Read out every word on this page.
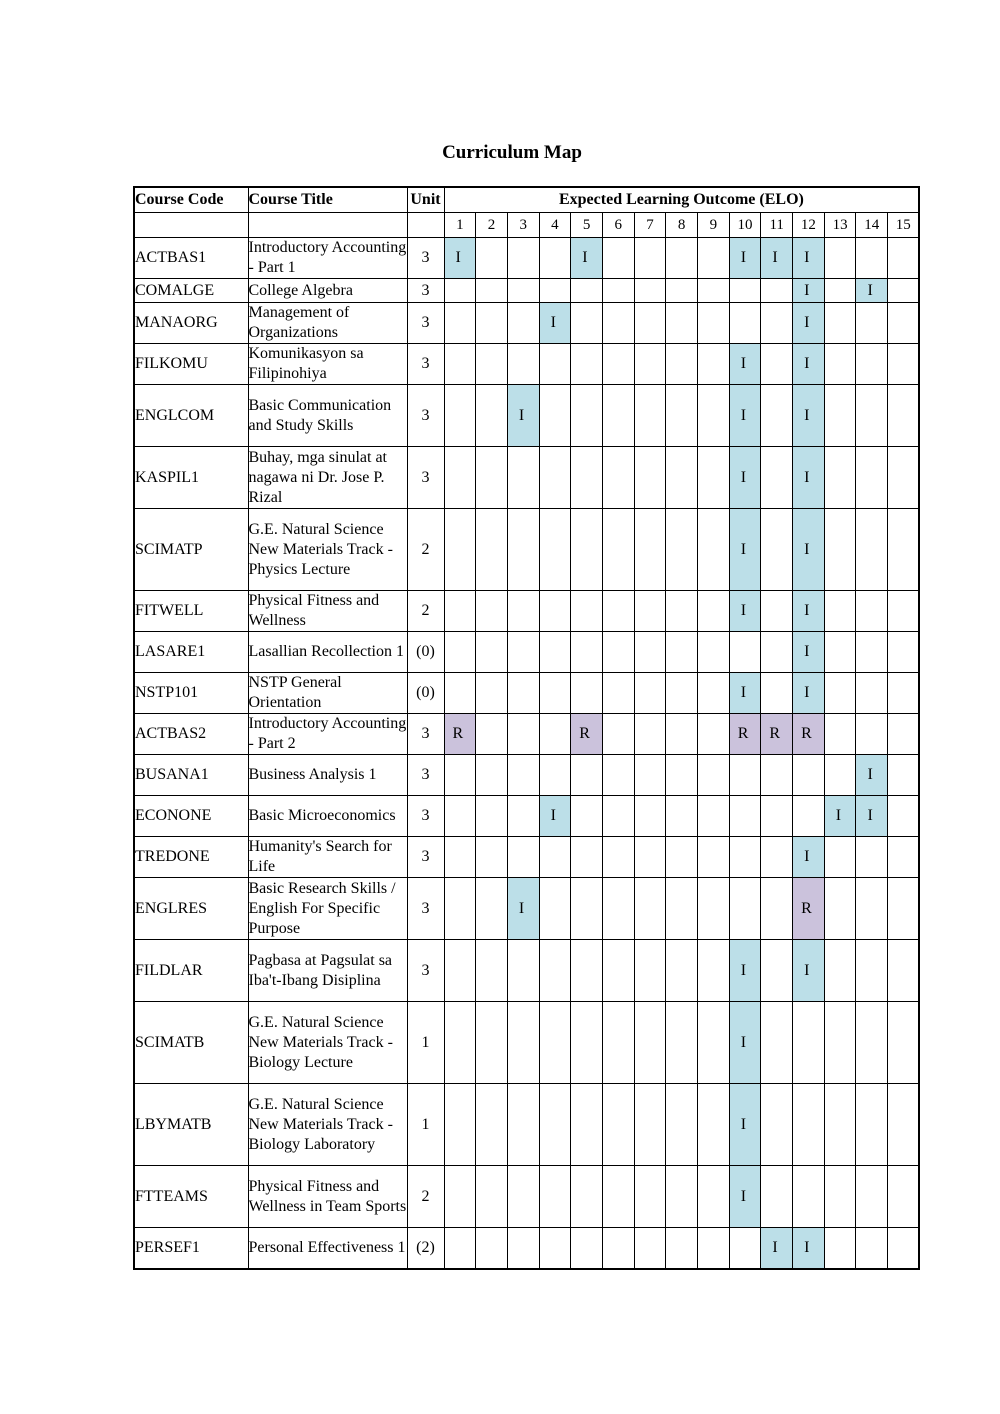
Curriculum Map
Course Code	Course Title	Unit	Expected Learning Outcome (ELO)														
			1	2	3	4	5	6	7	8	9	10	11	12	13	14	15
ACTBAS1	Introductory Accounting - Part 1	3	I				I					I	I	I			
COMALGE	College Algebra	3												I		I	
MANAORG	Management of Organizations	3				I								I			
FILKOMU	Komunikasyon sa Filipinohiya	3										I		I			
ENGLCOM	Basic Communication and Study Skills	3			I							I		I			
KASPIL1	Buhay, mga sinulat at nagawa ni Dr. Jose P. Rizal	3										I		I			
SCIMATP	G.E. Natural Science New Materials Track - Physics Lecture	2										I		I			
FITWELL	Physical Fitness and Wellness	2										I		I			
LASARE1	Lasallian Recollection 1	(0)												I			
NSTP101	NSTP General Orientation	(0)										I		I			
ACTBAS2	Introductory Accounting - Part 2	3	R				R					R	R	R			
BUSANA1	Business Analysis 1	3														I	
ECONONE	Basic Microeconomics	3				I									I	I	
TREDONE	Humanity's Search for Life	3												I			
ENGLRES	Basic Research Skills / English For Specific Purpose	3			I									R			
FILDLAR	Pagbasa at Pagsulat sa Iba't-Ibang Disiplina	3										I		I			
SCIMATB	G.E. Natural Science New Materials Track - Biology Lecture	1										I					
LBYMATB	G.E. Natural Science New Materials Track - Biology Laboratory	1										I					
FTTEAMS	Physical Fitness and Wellness in Team Sports	2										I					
PERSEF1	Personal Effectiveness 1	(2)											I	I			
